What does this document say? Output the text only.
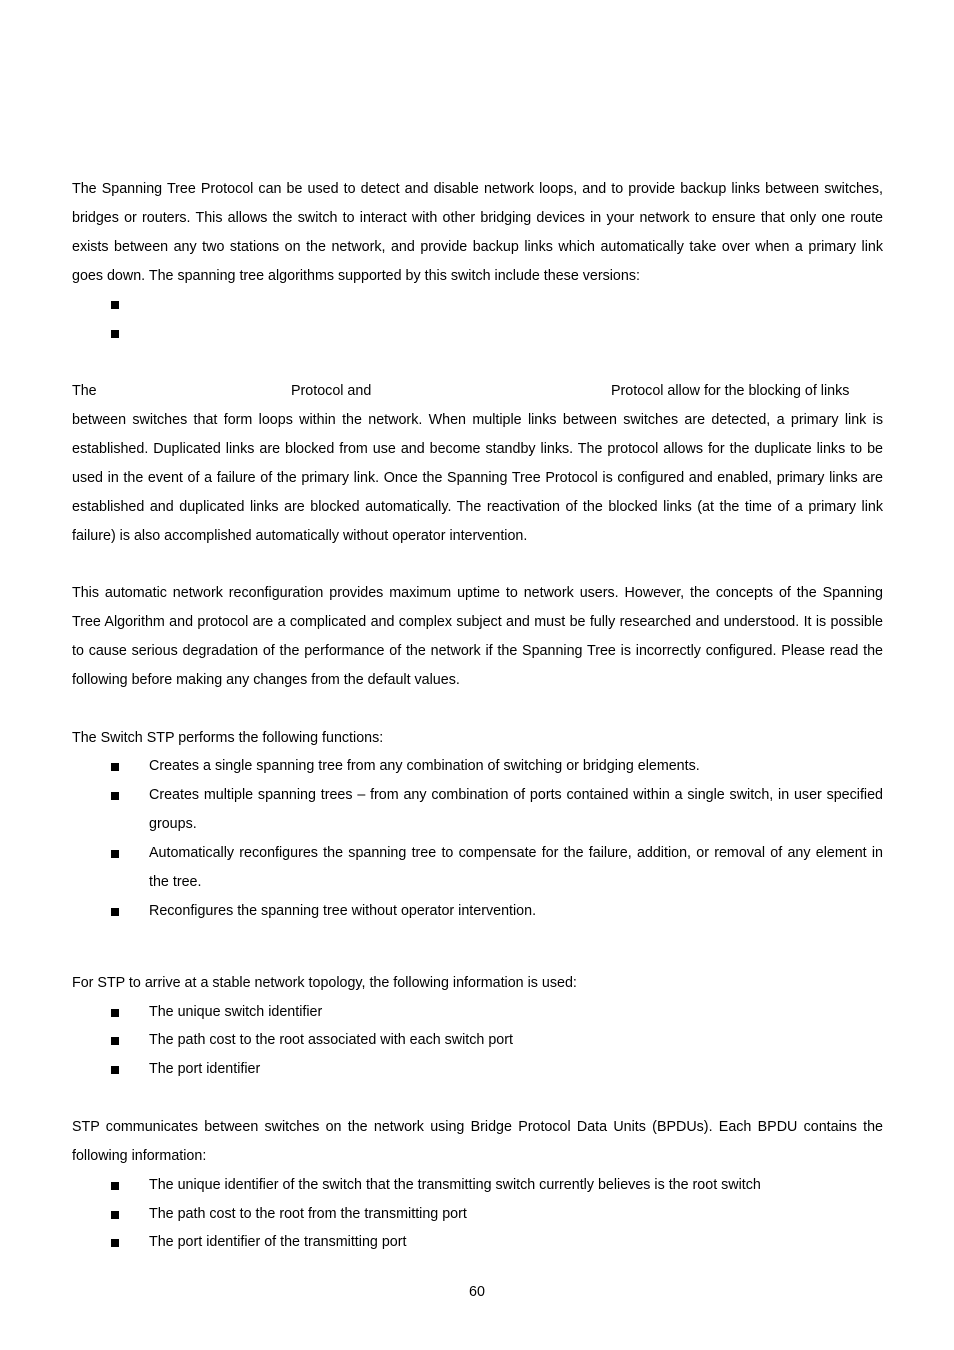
The Spanning Tree Protocol can be used to detect and disable network loops, and to provide backup links between switches,
bridges or routers. This allows the switch to interact with other bridging devices in your network to ensure that only one route
exists between any two stations on the network, and provide backup links which automatically take over when a primary link
goes down. The spanning tree algorithms supported by this switch include these versions:
The	Protocol and	Protocol allow for the blocking of links
between switches that form loops within the network. When multiple links between switches are detected, a primary link is
established. Duplicated links are blocked from use and become standby links. The protocol allows for the duplicate links to be
used in the event of a failure of the primary link. Once the Spanning Tree Protocol is configured and enabled, primary links are
established and duplicated links are blocked automatically. The reactivation of the blocked links (at the time of a primary link
failure) is also accomplished automatically without operator intervention.
This automatic network reconfiguration provides maximum uptime to network users. However, the concepts of the Spanning
Tree Algorithm and protocol are a complicated and complex subject and must be fully researched and understood. It is possible
to cause serious degradation of the performance of the network if the Spanning Tree is incorrectly configured. Please read the
following before making any changes from the default values.
The Switch STP performs the following functions:
Creates a single spanning tree from any combination of switching or bridging elements.
Creates multiple spanning trees – from any combination of ports contained within a single switch, in user specified
groups.
Automatically reconfigures the spanning tree to compensate for the failure, addition, or removal of any element in
the tree.
Reconfigures the spanning tree without operator intervention.
For STP to arrive at a stable network topology, the following information is used:
The unique switch identifier
The path cost to the root associated with each switch port
The port identifier
STP communicates between switches on the network using Bridge Protocol Data Units (BPDUs). Each BPDU contains the
following information:
The unique identifier of the switch that the transmitting switch currently believes is the root switch
The path cost to the root from the transmitting port
The port identifier of the transmitting port
60
